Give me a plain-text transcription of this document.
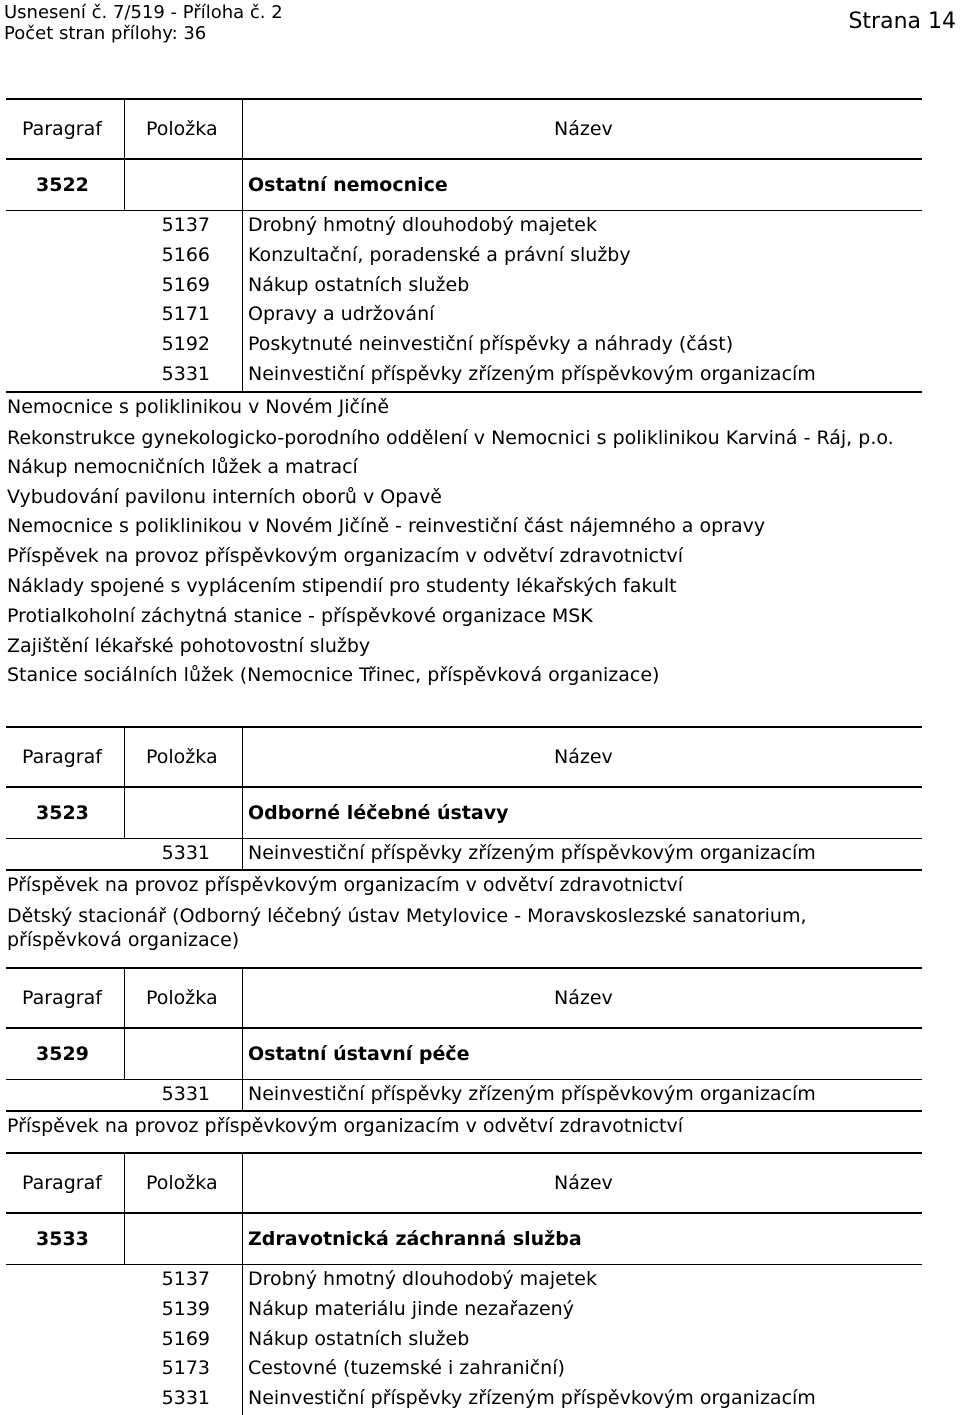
Usnesení č. 7/519 - Příloha č. 2
Počet stran přílohy: 36	Strana 14
Paragraf Položka	Název
3522	Ostatní nemocnice
5137 Drobný hmotný dlouhodobý majetek
5166 Konzultační, poradenské a právní služby
5169 Nákup ostatních služeb
5171 Opravy a udržování
5192 Poskytnuté neinvestiční příspěvky a náhrady (část)
5331 Neinvestiční příspěvky zřízeným příspěvkovým organizacím
Nemocnice s poliklinikou v Novém Jičíně
Rekonstrukce gynekologicko-porodního oddělení v Nemocnici s poliklinikou Karviná - Ráj, p.o.
Nákup nemocničních lůžek a matrací
Vybudování pavilonu interních oborů v Opavě
Nemocnice s poliklinikou v Novém Jičíně - reinvestiční část nájemného a opravy
Příspěvek na provoz příspěvkovým organizacím v odvětví zdravotnictví
Náklady spojené s vyplácením stipendií pro studenty lékařských fakult
Protialkoholní záchytná stanice - příspěvkové organizace MSK
Zajištění lékařské pohotovostní služby
Stanice sociálních lůžek (Nemocnice Třinec, příspěvková organizace)
Paragraf Položka	Název
3523	Odborné léčebné ústavy
5331 Neinvestiční příspěvky zřízeným příspěvkovým organizacím
Příspěvek na provoz příspěvkovým organizacím v odvětví zdravotnictví
Dětský stacionář (Odborný léčebný ústav Metylovice - Moravskoslezské sanatorium, příspěvková organizace)
Paragraf Položka	Název
3529	Ostatní ústavní péče
5331 Neinvestiční příspěvky zřízeným příspěvkovým organizacím
Příspěvek na provoz příspěvkovým organizacím v odvětví zdravotnictví
Paragraf Položka	Název
3533	Zdravotnická záchranná služba
5137 Drobný hmotný dlouhodobý majetek
5139 Nákup materiálu jinde nezařazený
5169 Nákup ostatních služeb
5173 Cestovné (tuzemské i zahraniční)
5331 Neinvestiční příspěvky zřízeným příspěvkovým organizacím
